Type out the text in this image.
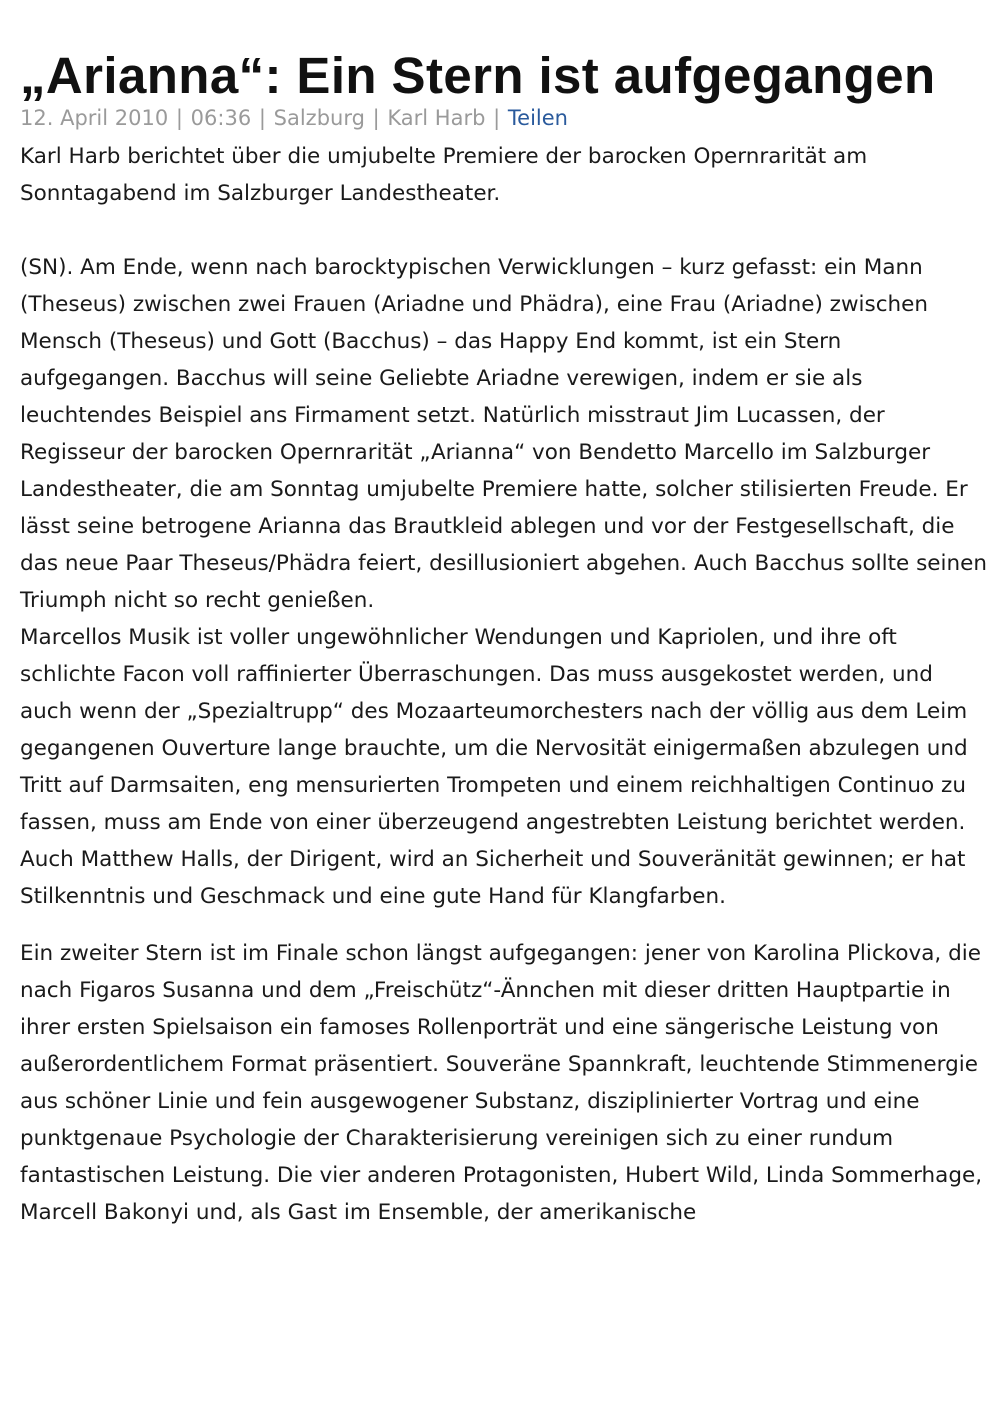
„Arianna“: Ein Stern ist aufgegangen
12. April 2010 | 06:36 | Salzburg | Karl Harb | Teilen

Karl Harb berichtet über die umjubelte Premiere der barocken Opernrarität am Sonntagabend im Salzburger Landestheater.

(SN). Am Ende, wenn nach barocktypischen Verwicklungen – kurz gefasst: ein Mann (Theseus) zwischen zwei Frauen (Ariadne und Phädra), eine Frau (Ariadne) zwischen Mensch (Theseus) und Gott (Bacchus) – das Happy End kommt, ist ein Stern aufgegangen. Bacchus will seine Geliebte Ariadne verewigen, indem er sie als leuchtendes Beispiel ans Firmament setzt. Natürlich misstraut Jim Lucassen, der Regisseur der barocken Opernrarität „Arianna“ von Bendetto Marcello im Salzburger Landestheater, die am Sonntag umjubelte Premiere hatte, solcher stilisierten Freude. Er lässt seine betrogene Arianna das Brautkleid ablegen und vor der Festgesellschaft, die das neue Paar Theseus/Phädra feiert, desillusioniert abgehen. Auch Bacchus sollte seinen Triumph nicht so recht genießen.

Marcellos Musik ist voller ungewöhnlicher Wendungen und Kapriolen, und ihre oft schlichte Facon voll raffinierter Überraschungen. Das muss ausgekostet werden, und auch wenn der „Spezialtrupp“ des Mozaarteumorchesters nach der völlig aus dem Leim gegangenen Ouverture lange brauchte, um die Nervosität einigermaßen abzulegen und Tritt auf Darmsaiten, eng mensurierten Trompeten und einem reichhaltigen Continuo zu fassen, muss am Ende von einer überzeugend angestrebten Leistung berichtet werden. Auch Matthew Halls, der Dirigent, wird an Sicherheit und Souveränität gewinnen; er hat Stilkenntnis und Geschmack und eine gute Hand für Klangfarben.

Ein zweiter Stern ist im Finale schon längst aufgegangen: jener von Karolina Plickova, die nach Figaros Susanna und dem „Freischütz“-Ännchen mit dieser dritten Hauptpartie in ihrer ersten Spielsaison ein famoses Rollenporträt und eine sängerische Leistung von außerordentlichem Format präsentiert. Souveräne Spannkraft, leuchtende Stimmenergie aus schöner Linie und fein ausgewogener Substanz, disziplinierter Vortrag und eine punktgenaue Psychologie der Charakterisierung vereinigen sich zu einer rundum fantastischen Leistung. Die vier anderen Protagonisten, Hubert Wild, Linda Sommerhage, Marcell Bakonyi und, als Gast im Ensemble, der amerikanische
